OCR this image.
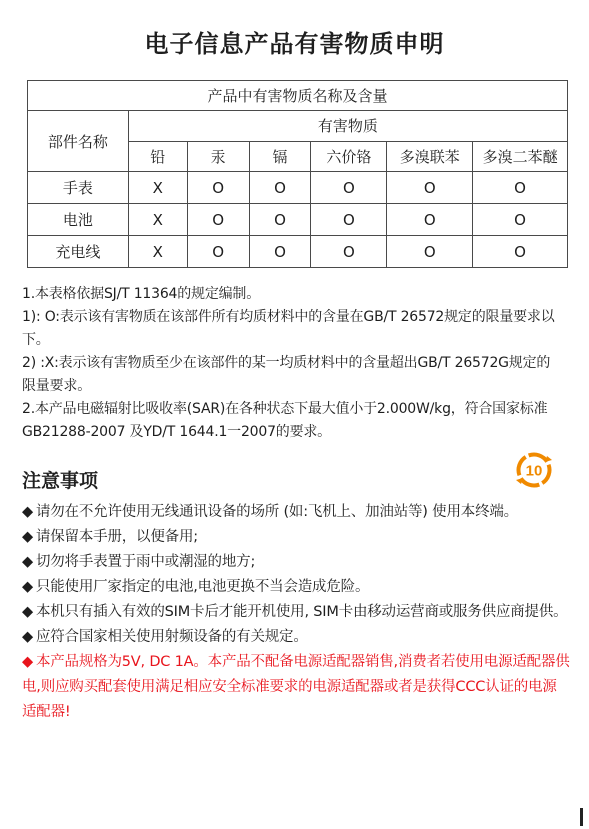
电子信息产品有害物质申明
产品中有害物质名称及含量						
部件名称	有害物质					
	铅	汞	镉	六价铬	多溴联苯	多溴二苯醚
手表	X	O	O	O	O	O
电池	X	O	O	O	O	O
充电线	X	O	O	O	O	O

1.本表格依据SJ/T 11364的规定编制。

1): O:表示该有害物质在该部件所有均质材料中的含量在GB/T 26572规定的限量要求以下。

2) :X:表示该有害物质至少在该部件的某一均质材料中的含量超出GB/T 26572G规定的限量要求。

2.本产品电磁辐射比吸收率(SAR)在各种状态下最大值小于2.000W/kg，符合国家标准GB21288-2007 及YD/T 1644.1一2007的要求。

注意事项	10

◆ 请勿在不允许使用无线通讯设备的场所 (如:飞机上、加油站等) 使用本终端。

◆ 请保留本手册，以便备用;

◆ 切勿将手表置于雨中或潮湿的地方;

◆ 只能使用厂家指定的电池,电池更换不当会造成危险。

◆ 本机只有插入有效的SIM卡后才能开机使用, SIM卡由移动运营商或服务供应商提供。

◆ 应符合国家相关使用射频设备的有关规定。

◆ 本产品规格为5V, DC 1A。本产品不配备电源适配器销售,消费者若使用电源适配器供电,则应购买配套使用满足相应安全标准要求的电源适配器或者是获得CCC认证的电源适配器!
